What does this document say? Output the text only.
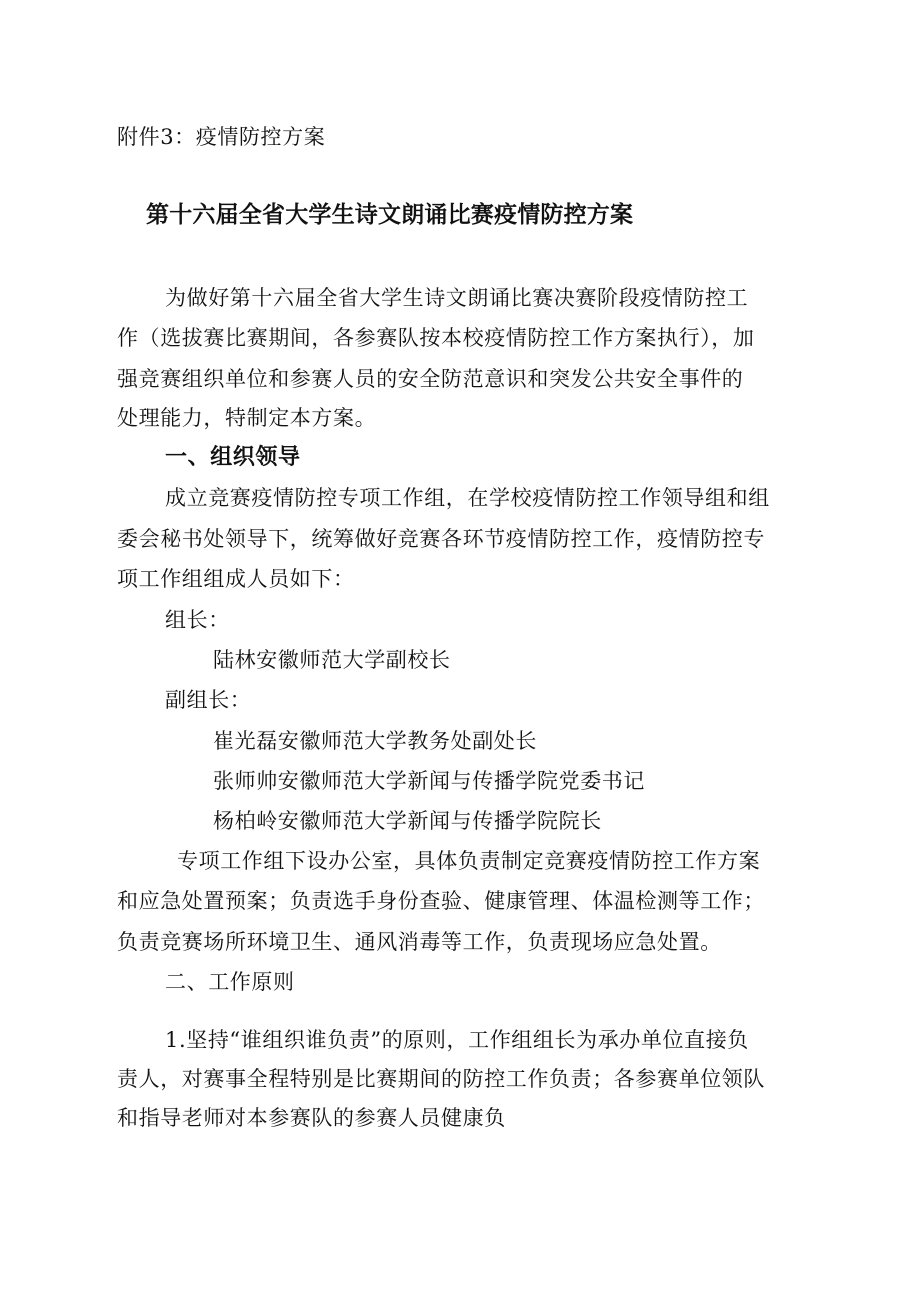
附件3：疫情防控方案
第十六届全省大学生诗文朗诵比赛疫情防控方案
为做好第十六届全省大学生诗文朗诵比赛决赛阶段疫情防控工
作（选拔赛比赛期间，各参赛队按本校疫情防控工作方案执行），加
强竞赛组织单位和参赛人员的安全防范意识和突发公共安全事件的
处理能力，特制定本方案。
一、组织领导
成立竞赛疫情防控专项工作组，在学校疫情防控工作领导组和组
委会秘书处领导下，统筹做好竞赛各环节疫情防控工作，疫情防控专
项工作组组成人员如下：
组长：
陆林安徽师范大学副校长
副组长：
崔光磊安徽师范大学教务处副处长
张师帅安徽师范大学新闻与传播学院党委书记
杨柏岭安徽师范大学新闻与传播学院院长
专项工作组下设办公室，具体负责制定竞赛疫情防控工作方案
和应急处置预案；负责选手身份查验、健康管理、体温检测等工作；
负责竞赛场所环境卫生、通风消毒等工作，负责现场应急处置。
二、工作原则
1.坚持“谁组织谁负责”的原则，工作组组长为承办单位直接负
责人，对赛事全程特别是比赛期间的防控工作负责；各参赛单位领队
和指导老师对本参赛队的参赛人员健康负
